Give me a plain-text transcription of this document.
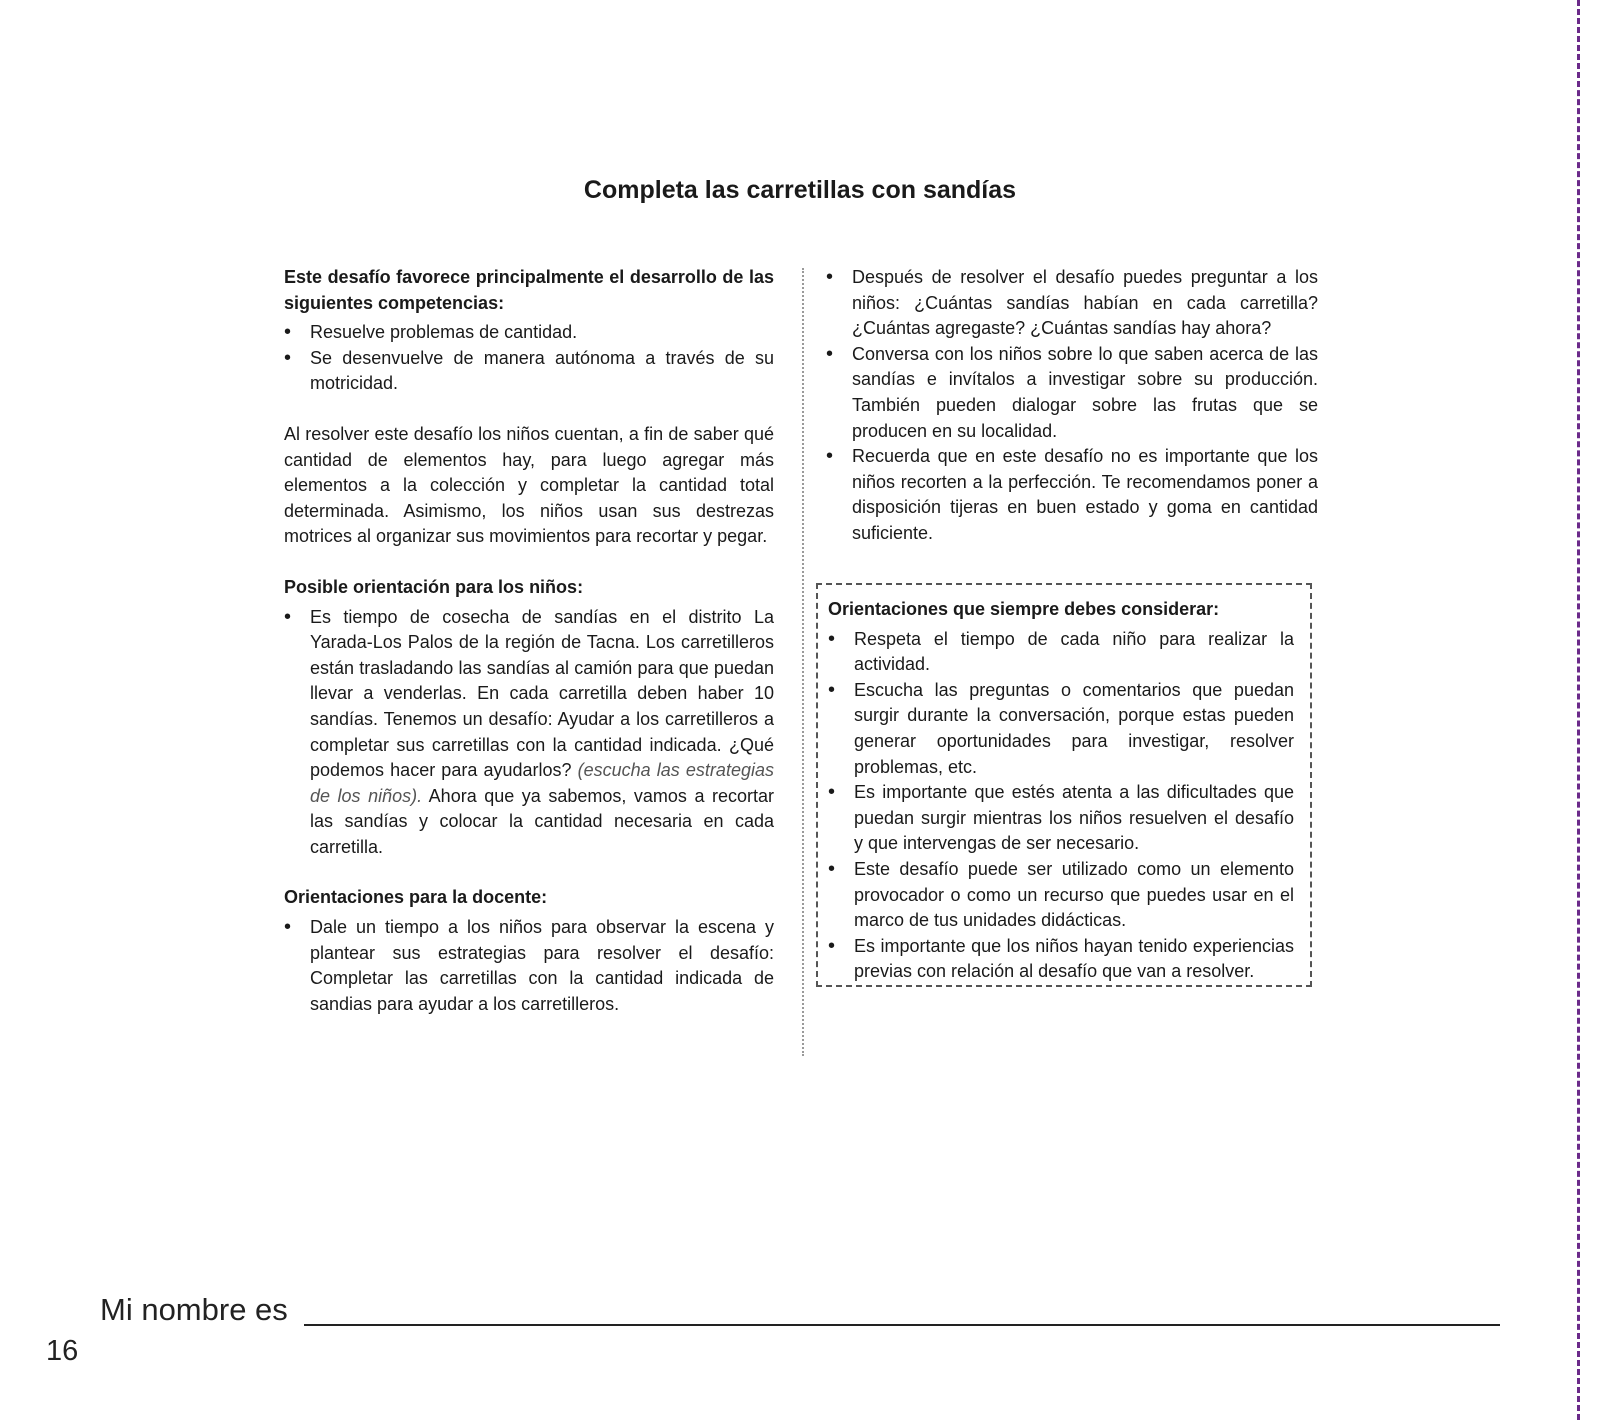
Completa las carretillas con sandías

Este desafío favorece principalmente el desarrollo de las siguientes competencias:

• Resuelve problemas de cantidad.
• Se desenvuelve de manera autónoma a través de su motricidad.

Al resolver este desafío los niños cuentan, a fin de saber qué cantidad de elementos hay, para luego agregar más elementos a la colección y completar la cantidad total determinada. Asimismo, los niños usan sus destrezas motrices al organizar sus movimientos para recortar y pegar.

Posible orientación para los niños:

• Es tiempo de cosecha de sandías en el distrito La Yarada-Los Palos de la región de Tacna. Los carretilleros están trasladando las sandías al camión para que puedan llevar a venderlas. En cada carretilla deben haber 10 sandías. Tenemos un desafío: Ayudar a los carretilleros a completar sus carretillas con la cantidad indicada. ¿Qué podemos hacer para ayudarlos? (escucha las estrategias de los niños). Ahora que ya sabemos, vamos a recortar las sandías y colocar la cantidad necesaria en cada carretilla.

Orientaciones para la docente:

• Dale un tiempo a los niños para observar la escena y plantear sus estrategias para resolver el desafío: Completar las carretillas con la cantidad indicada de sandias para ayudar a los carretilleros.
• Después de resolver el desafío puedes preguntar a los niños: ¿Cuántas sandías habían en cada carretilla? ¿Cuántas agregaste? ¿Cuántas sandías hay ahora?
• Conversa con los niños sobre lo que saben acerca de las sandías e invítalos a investigar sobre su producción. También pueden dialogar sobre las frutas que se producen en su localidad.
• Recuerda que en este desafío no es importante que los niños recorten a la perfección. Te recomendamos poner a disposición tijeras en buen estado y goma en cantidad suficiente.

Orientaciones que siempre debes considerar:

• Respeta el tiempo de cada niño para realizar la actividad.
• Escucha las preguntas o comentarios que puedan surgir durante la conversación, porque estas pueden generar oportunidades para investigar, resolver problemas, etc.
• Es importante que estés atenta a las dificultades que puedan surgir mientras los niños resuelven el desafío y que intervengas de ser necesario.
• Este desafío puede ser utilizado como un elemento provocador o como un recurso que puedes usar en el marco de tus unidades didácticas.
• Es importante que los niños hayan tenido experiencias previas con relación al desafío que van a resolver.

Mi nombre es

16
